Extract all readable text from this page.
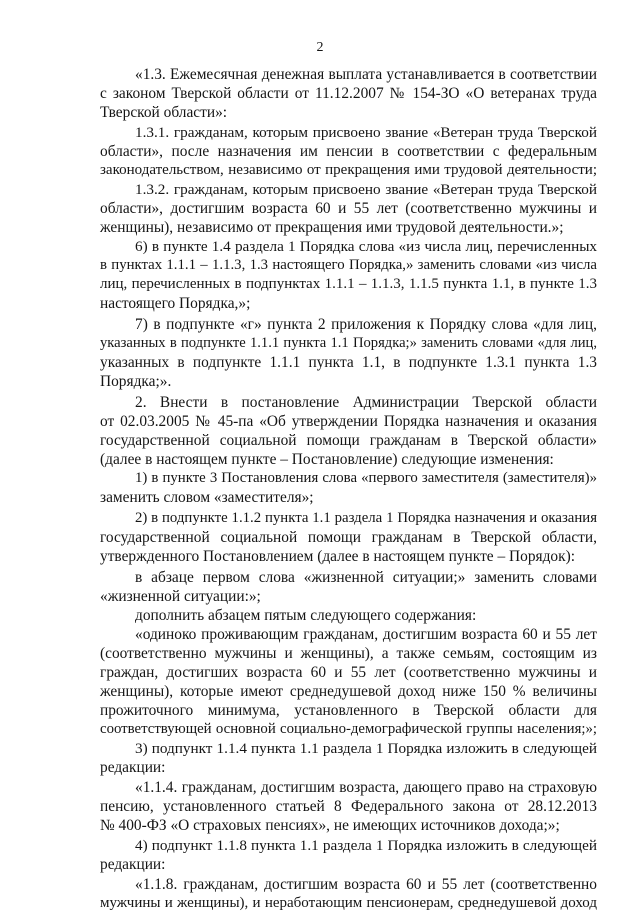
2
«1.3. Ежемесячная денежная выплата устанавливается в соответствии
с законом Тверской области от 11.12.2007 № 154-ЗО «О ветеранах труда
Тверской области»:
1.3.1. гражданам, которым присвоено звание «Ветеран труда Тверской
области», после назначения им пенсии в соответствии с федеральным
законодательством, независимо от прекращения ими трудовой деятельности;
1.3.2. гражданам, которым присвоено звание «Ветеран труда Тверской
области», достигшим возраста 60 и 55 лет (соответственно мужчины и
женщины), независимо от прекращения ими трудовой деятельности.»;
6) в пункте 1.4 раздела 1 Порядка слова «из числа лиц, перечисленных
в пунктах 1.1.1 – 1.1.3, 1.3 настоящего Порядка,» заменить словами «из числа
лиц, перечисленных в подпунктах 1.1.1 – 1.1.3, 1.1.5 пункта 1.1, в пункте 1.3
настоящего Порядка,»;
7) в подпункте «г» пункта 2 приложения к Порядку слова «для лиц,
указанных в подпункте 1.1.1 пункта 1.1 Порядка;» заменить словами «для лиц,
указанных в подпункте 1.1.1 пункта 1.1, в подпункте 1.3.1 пункта 1.3
Порядка;».
2. Внести в постановление Администрации Тверской области
от 02.03.2005 № 45-па «Об утверждении Порядка назначения и оказания
государственной социальной помощи гражданам в Тверской области»
(далее в настоящем пункте – Постановление) следующие изменения:
1) в пункте 3 Постановления слова «первого заместителя (заместителя)»
заменить словом «заместителя»;
2) в подпункте 1.1.2 пункта 1.1 раздела 1 Порядка назначения и оказания
государственной социальной помощи гражданам в Тверской области,
утвержденного Постановлением (далее в настоящем пункте – Порядок):
в абзаце первом слова «жизненной ситуации;» заменить словами
«жизненной ситуации:»;
дополнить абзацем пятым следующего содержания:
«одиноко проживающим гражданам, достигшим возраста 60 и 55 лет
(соответственно мужчины и женщины), а также семьям, состоящим из
граждан, достигших возраста 60 и 55 лет (соответственно мужчины и
женщины), которые имеют среднедушевой доход ниже 150 % величины
прожиточного минимума, установленного в Тверской области для
соответствующей основной социально-демографической группы населения;»;
3) подпункт 1.1.4 пункта 1.1 раздела 1 Порядка изложить в следующей
редакции:
«1.1.4. гражданам, достигшим возраста, дающего право на страховую
пенсию, установленного статьей 8 Федерального закона от 28.12.2013
№ 400-ФЗ «О страховых пенсиях», не имеющих источников дохода;»;
4) подпункт 1.1.8 пункта 1.1 раздела 1 Порядка изложить в следующей
редакции:
«1.1.8. гражданам, достигшим возраста 60 и 55 лет (соответственно
мужчины и женщины), и неработающим пенсионерам, среднедушевой доход
